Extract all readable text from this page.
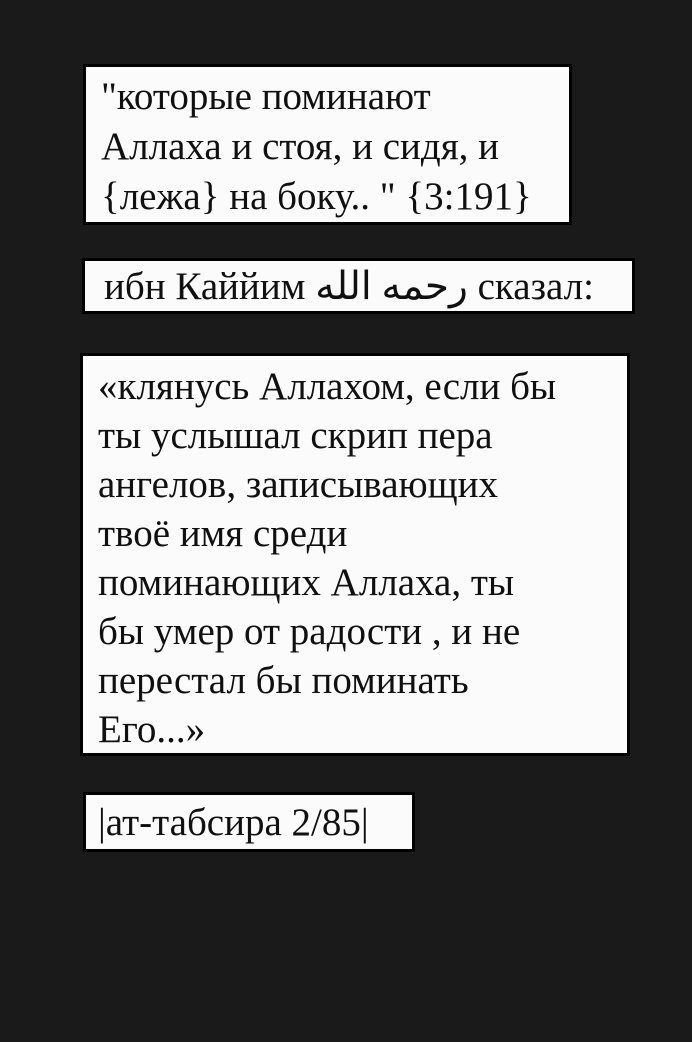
"которые поминают
Аллаха и стоя, и сидя, и
{лежа} на боку.. " {3:191}
ибн Каййим رحمه الله сказал:
«клянусь Аллахом, если бы
ты услышал скрип пера
ангелов, записывающих
твоё имя среди
поминающих Аллаха, ты
бы умер от радости , и не
перестал бы поминать
Его...»
|ат-табсира 2/85|
